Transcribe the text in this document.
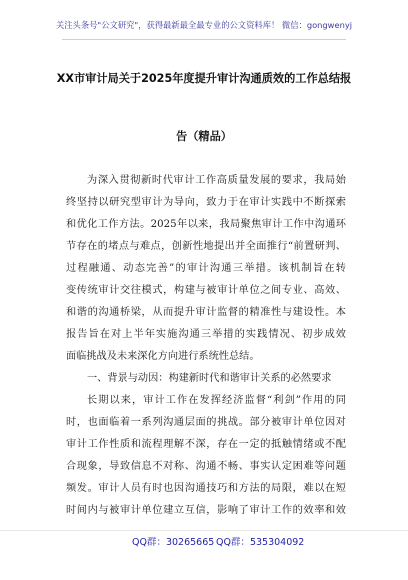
关注头条号"公文研究"，获得最新最全最专业的公文资料库！ 微信：gongwenyj
XX市审计局关于2025年度提升审计沟通质效的工作总结报
告（精品）
为深入贯彻新时代审计工作高质量发展的要求，我局始
终坚持以研究型审计为导向，致力于在审计实践中不断探索
和优化工作方法。2025年以来，我局聚焦审计工作中沟通环
节存在的堵点与难点，创新性地提出并全面推行“前置研判、
过程融通、动态完善”的审计沟通三举措。该机制旨在转
变传统审计交往模式，构建与被审计单位之间专业、高效、
和谐的沟通桥梁，从而提升审计监督的精准性与建设性。本
报告旨在对上半年实施沟通三举措的实践情况、初步成效
面临挑战及未来深化方向进行系统性总结。
一、背景与动因：构建新时代和谐审计关系的必然要求
长期以来，审计工作在发挥经济监督“利剑”作用的同
时，也面临着一系列沟通层面的挑战。部分被审计单位因对
审计工作性质和流程理解不深，存在一定的抵触情绪或不配
合现象，导致信息不对称、沟通不畅、事实认定困难等问题
频发。审计人员有时也因沟通技巧和方法的局限，难以在短
时间内与被审计单位建立互信，影响了审计工作的效率和效
QQ群：30265665 QQ群：535304092
